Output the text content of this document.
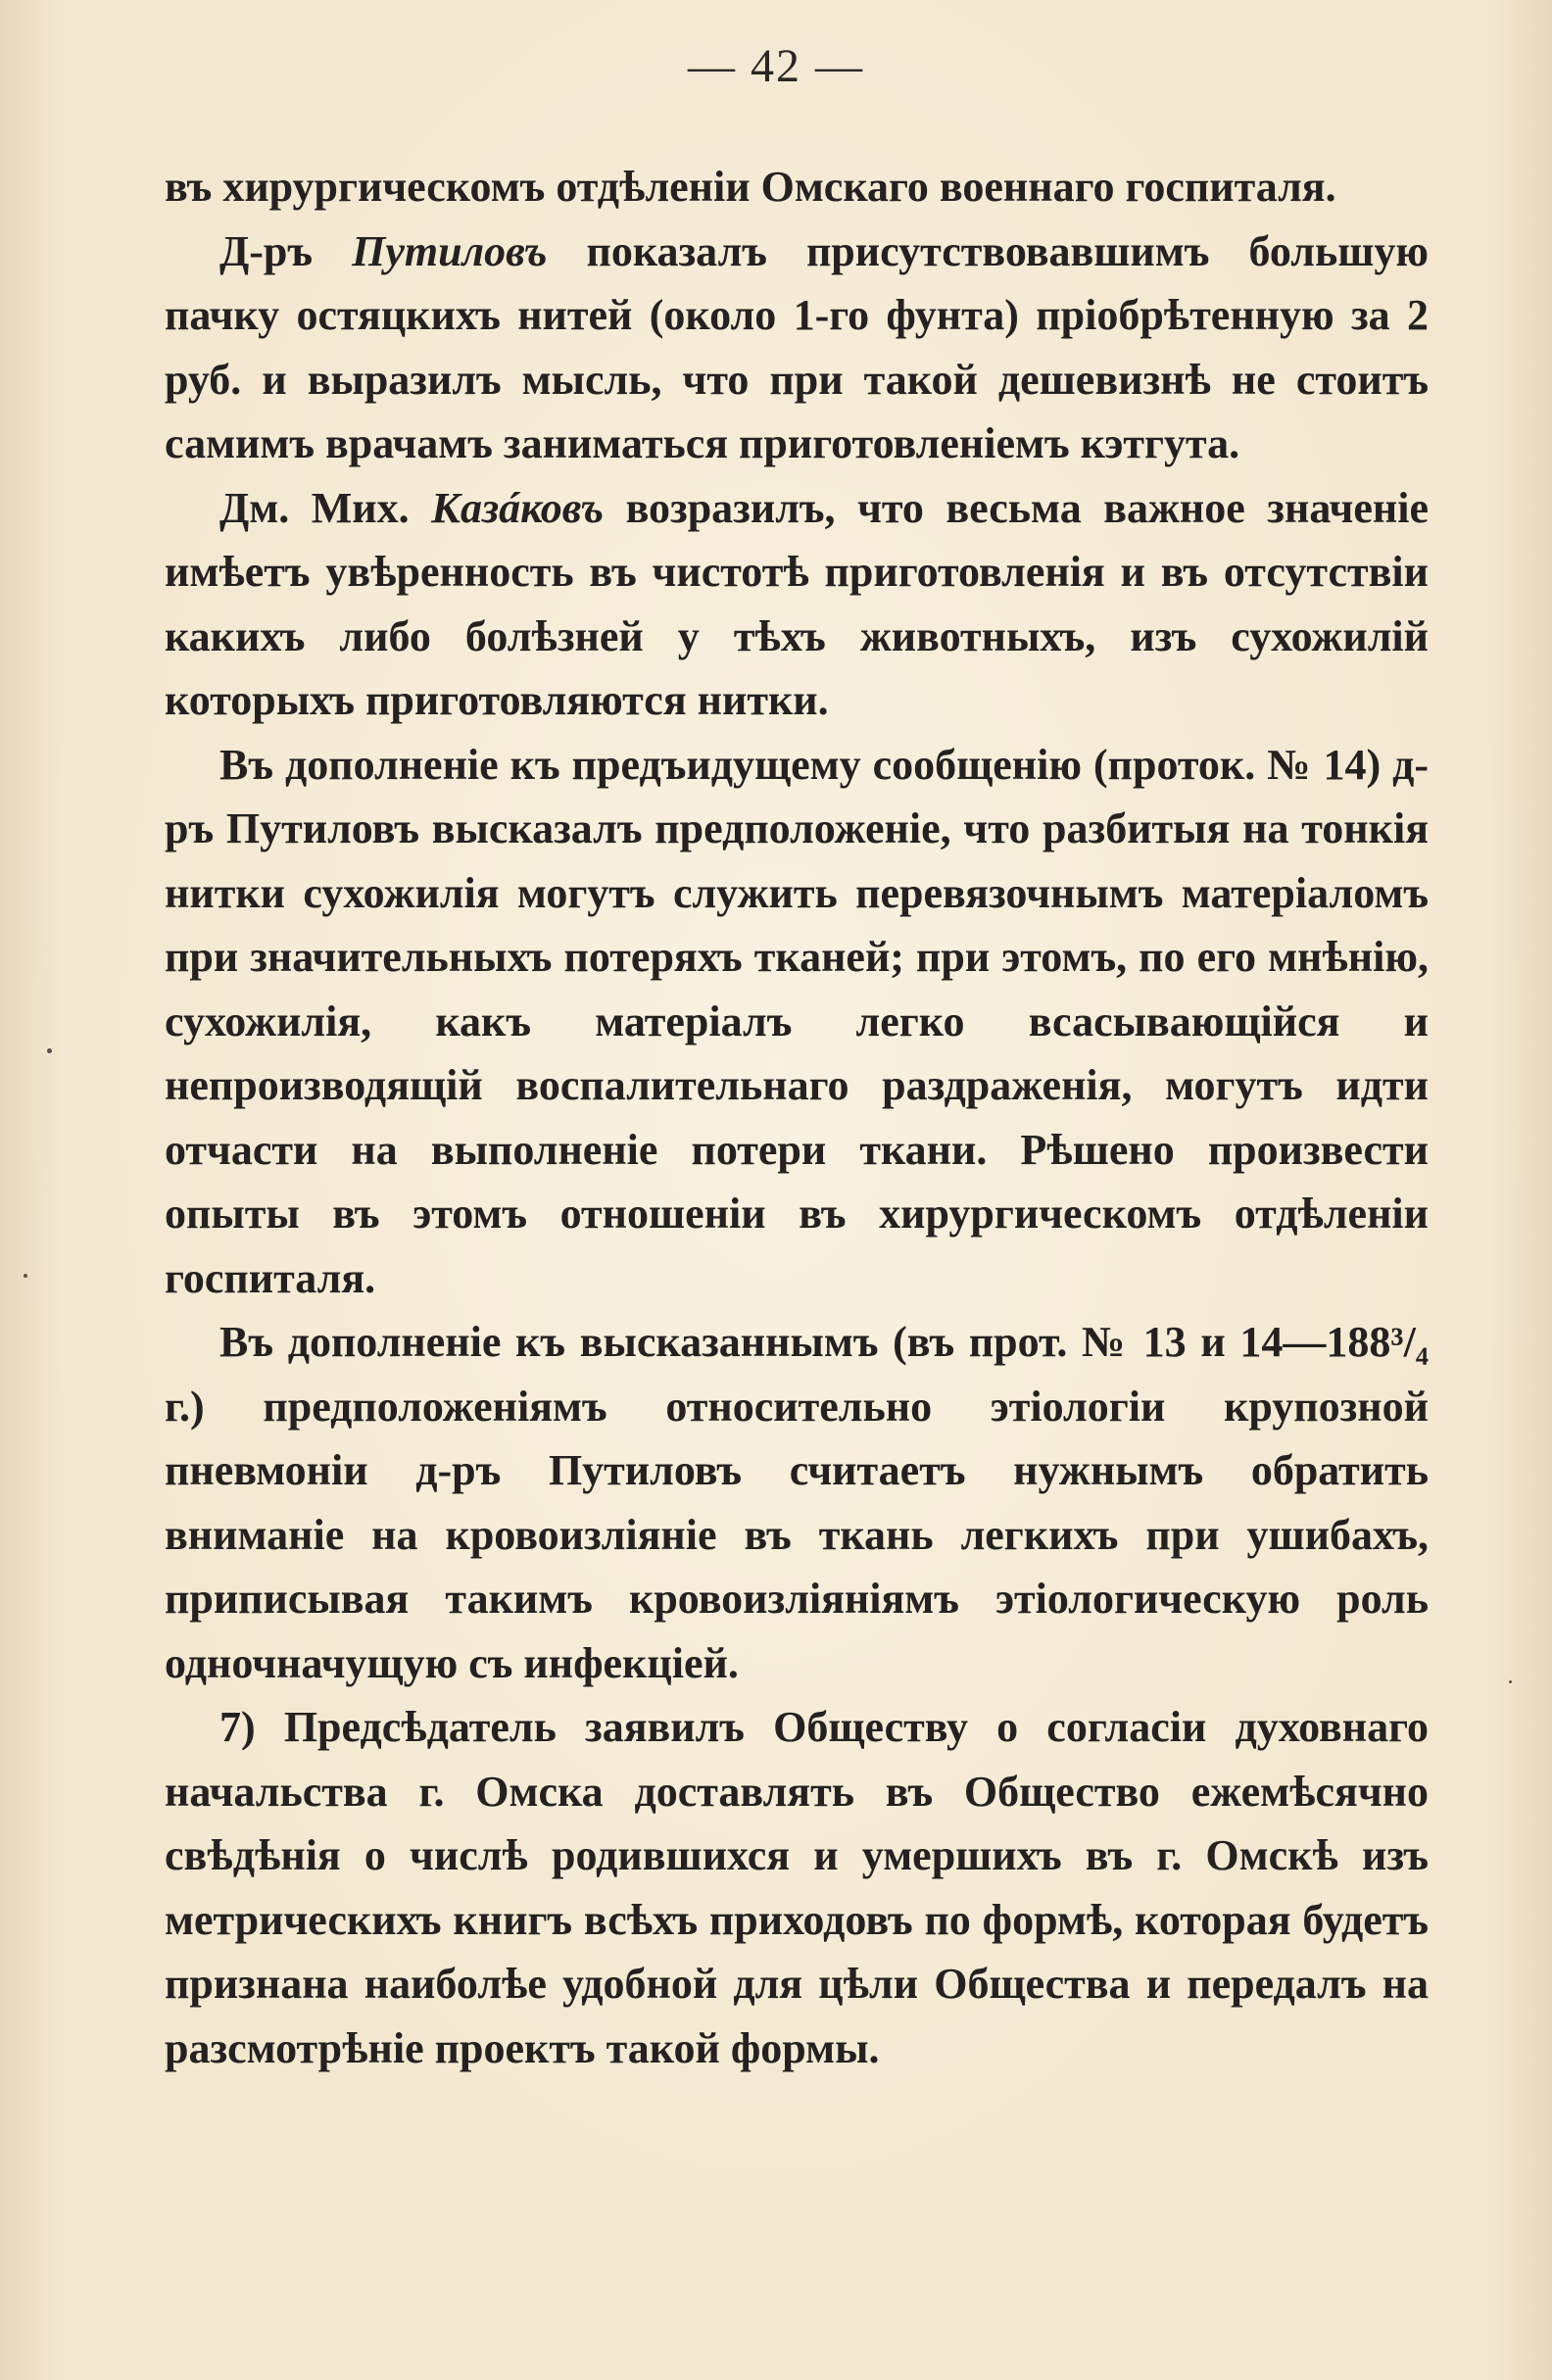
— 42 —

въ хирургическомъ отдѣленіи Омскаго военнаго госпиталя.

Д-ръ Путиловъ показалъ присутствовавшимъ большую пачку остяцкихъ нитей (около 1-го фунта) пріобрѣтенную за 2 руб. и выразилъ мысль, что при такой дешевизнѣ не стоитъ самимъ врачамъ заниматься приготовленіемъ кэтгута.

Дм. Мих. Казáковъ возразилъ, что весьма важное значеніе имѣетъ увѣренность въ чистотѣ приготовленія и въ отсутствіи какихъ либо болѣзней у тѣхъ животныхъ, изъ сухожилій которыхъ приготовляются нитки.

Въ дополненіе къ предъидущему сообщенію (проток. № 14) д-ръ Путиловъ высказалъ предположеніе, что разбитыя на тонкія нитки сухожилія могутъ служить перевязочнымъ матеріаломъ при значительныхъ потеряхъ тканей; при этомъ, по его мнѣнію, сухожилія, какъ матеріалъ легко всасывающійся и непроизводящій воспалительнаго раздраженія, могутъ идти отчасти на выполненіе потери ткани. Рѣшено произвести опыты въ этомъ отношеніи въ хирургическомъ отдѣленіи госпиталя.

Въ дополненіе къ высказаннымъ (въ прот. № 13 и 14—188³/₄ г.) предположеніямъ относительно этіологіи крупозной пневмоніи д-ръ Путиловъ считаетъ нужнымъ обратить вниманіе на кровоизліяніе въ ткань легкихъ при ушибахъ, приписывая такимъ кровоизліяніямъ этіологическую роль одночначущую съ инфекціей.

7) Предсѣдатель заявилъ Обществу о согласіи духовнаго начальства г. Омска доставлять въ Общество ежемѣсячно свѣдѣнія о числѣ родившихся и умершихъ въ г. Омскѣ изъ метрическихъ книгъ всѣхъ приходовъ по формѣ, которая будетъ признана наиболѣе удобной для цѣли Общества и передалъ на разсмотрѣніе проектъ такой формы.
